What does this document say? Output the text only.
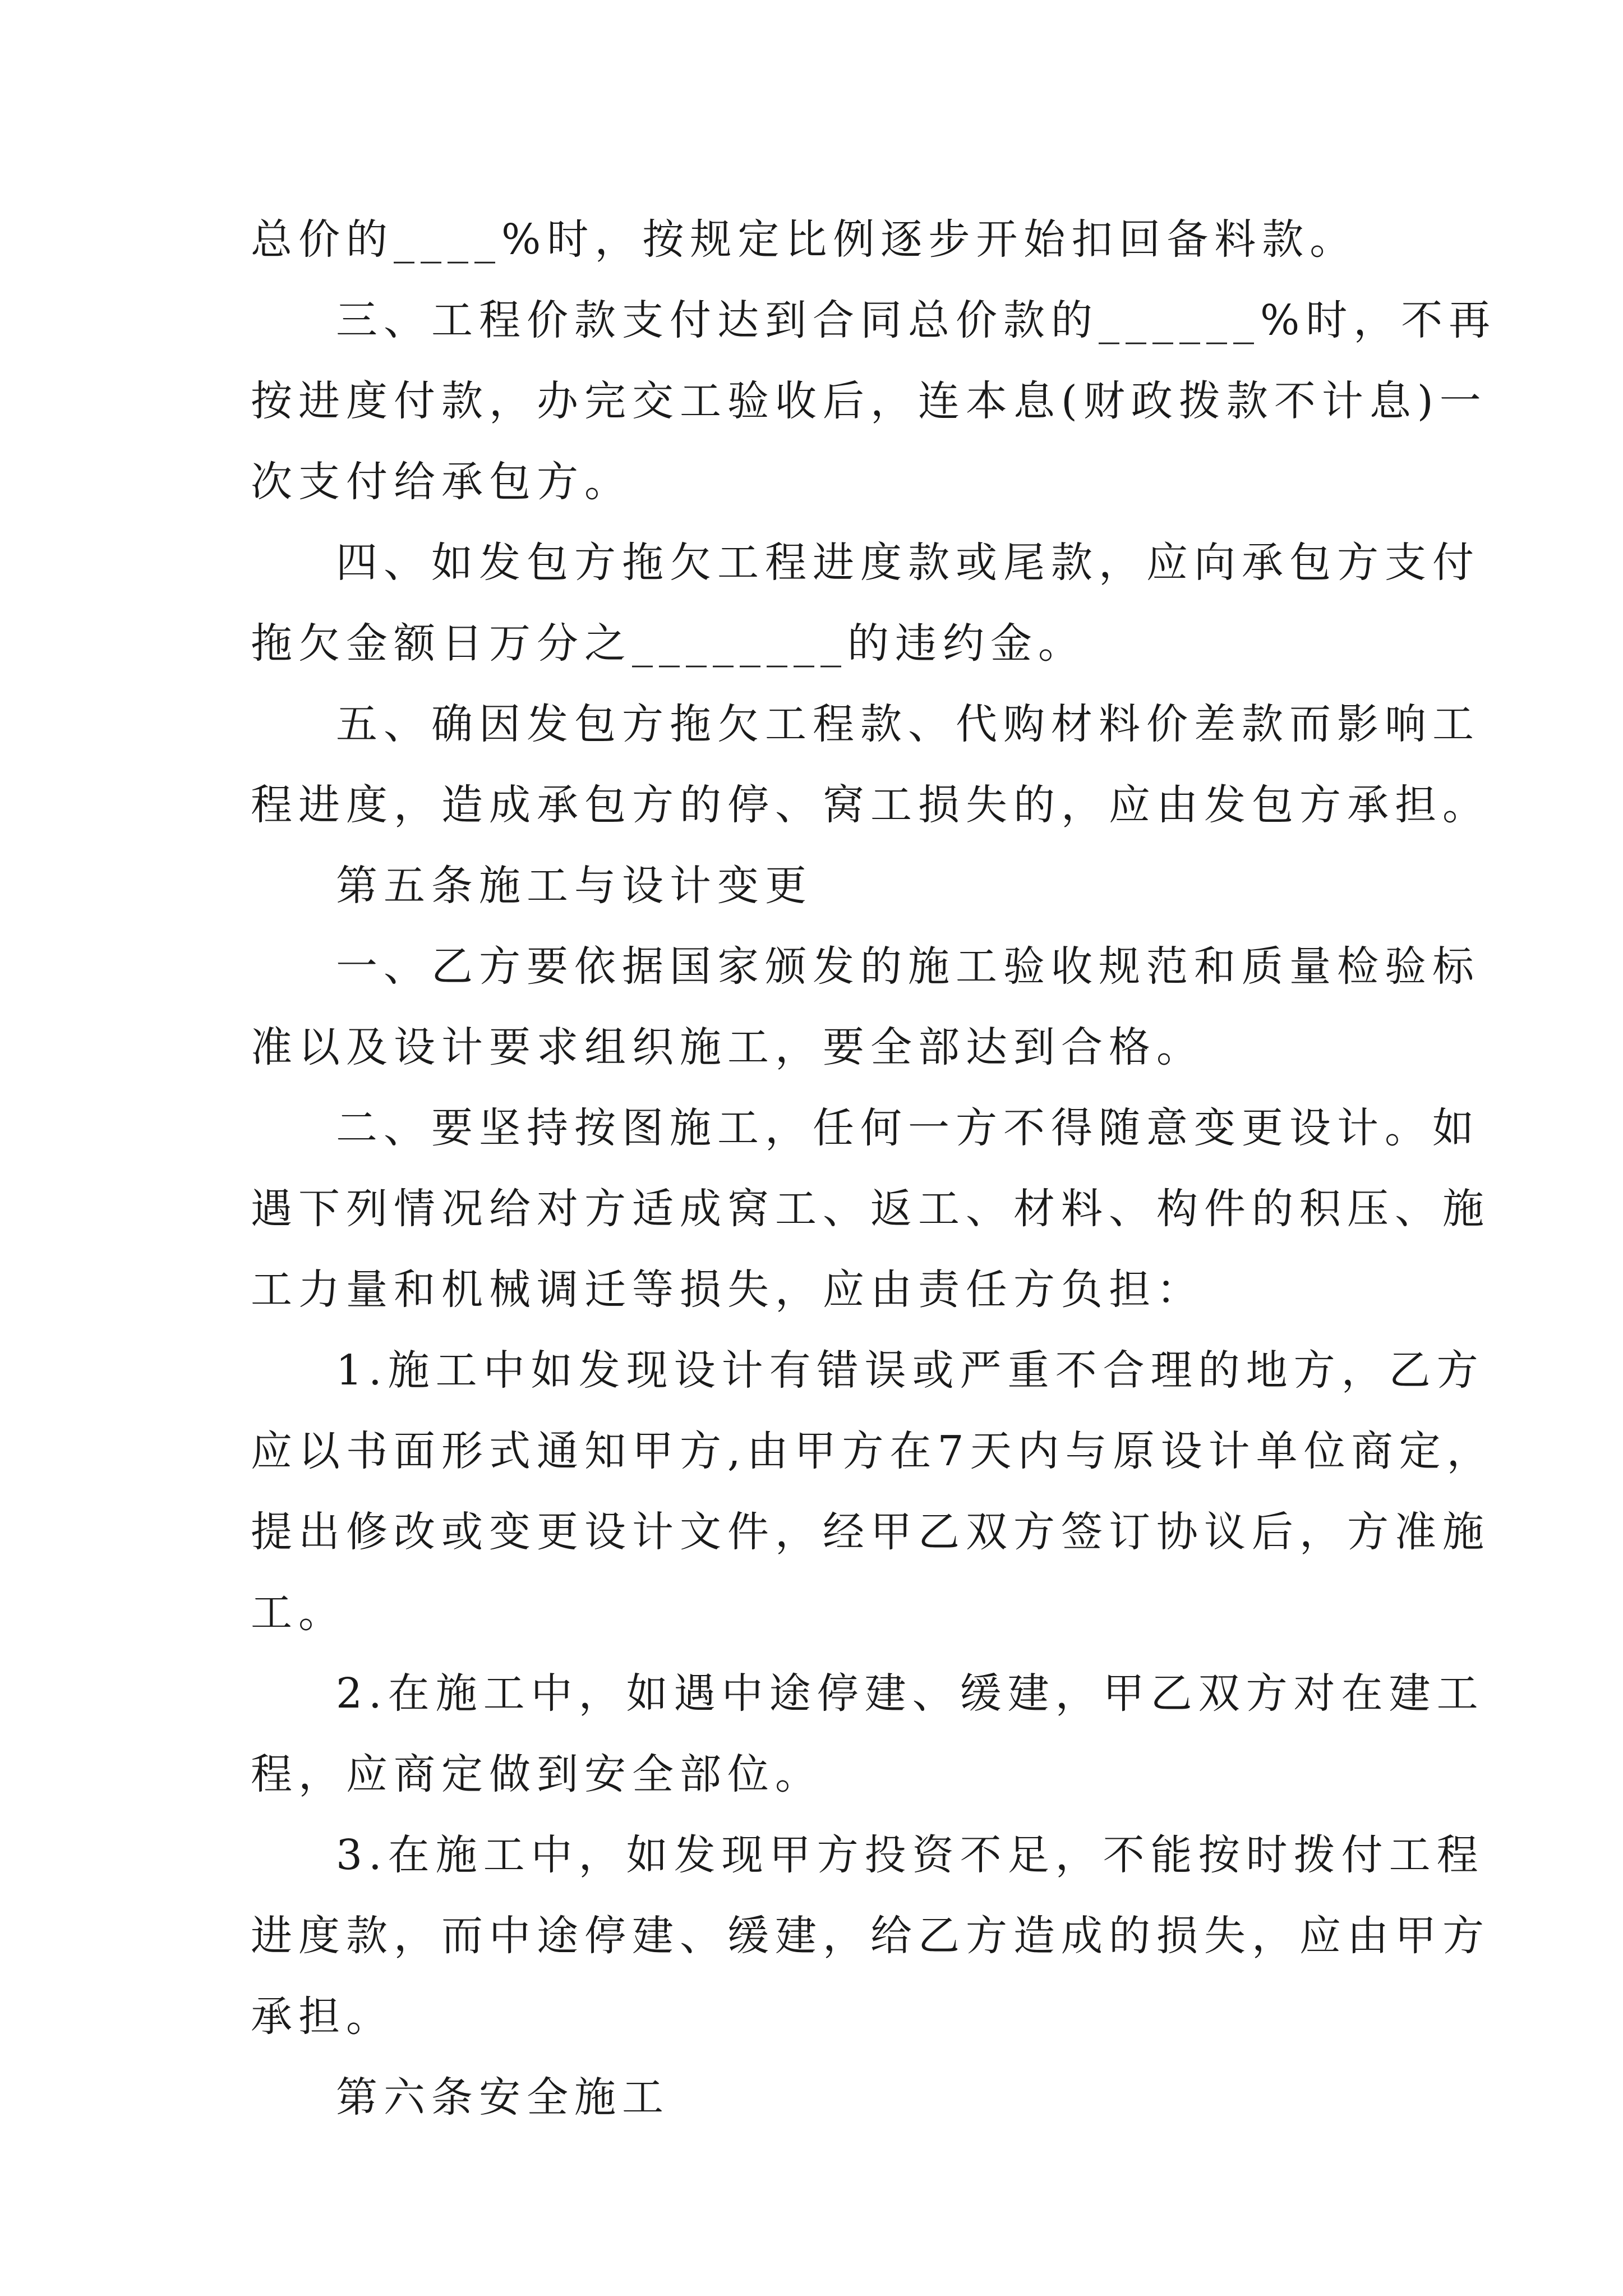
总价的____%时，按规定比例逐步开始扣回备料款。
三、工程价款支付达到合同总价款的______%时，不再
按进度付款，办完交工验收后，连本息(财政拨款不计息)一
次支付给承包方。
四、如发包方拖欠工程进度款或尾款，应向承包方支付
拖欠金额日万分之________的违约金。
五、确因发包方拖欠工程款、代购材料价差款而影响工
程进度，造成承包方的停、窝工损失的，应由发包方承担。
第五条施工与设计变更
一、乙方要依据国家颁发的施工验收规范和质量检验标
准以及设计要求组织施工，要全部达到合格。
二、要坚持按图施工，任何一方不得随意变更设计。如
遇下列情况给对方适成窝工、返工、材料、构件的积压、施
工力量和机械调迁等损失，应由责任方负担：
1.施工中如发现设计有错误或严重不合理的地方，乙方
应以书面形式通知甲方,由甲方在7天内与原设计单位商定，
提出修改或变更设计文件，经甲乙双方签订协议后，方准施
工。
2.在施工中，如遇中途停建、缓建，甲乙双方对在建工
程，应商定做到安全部位。
3.在施工中，如发现甲方投资不足，不能按时拨付工程
进度款，而中途停建、缓建，给乙方造成的损失，应由甲方
承担。
第六条安全施工
